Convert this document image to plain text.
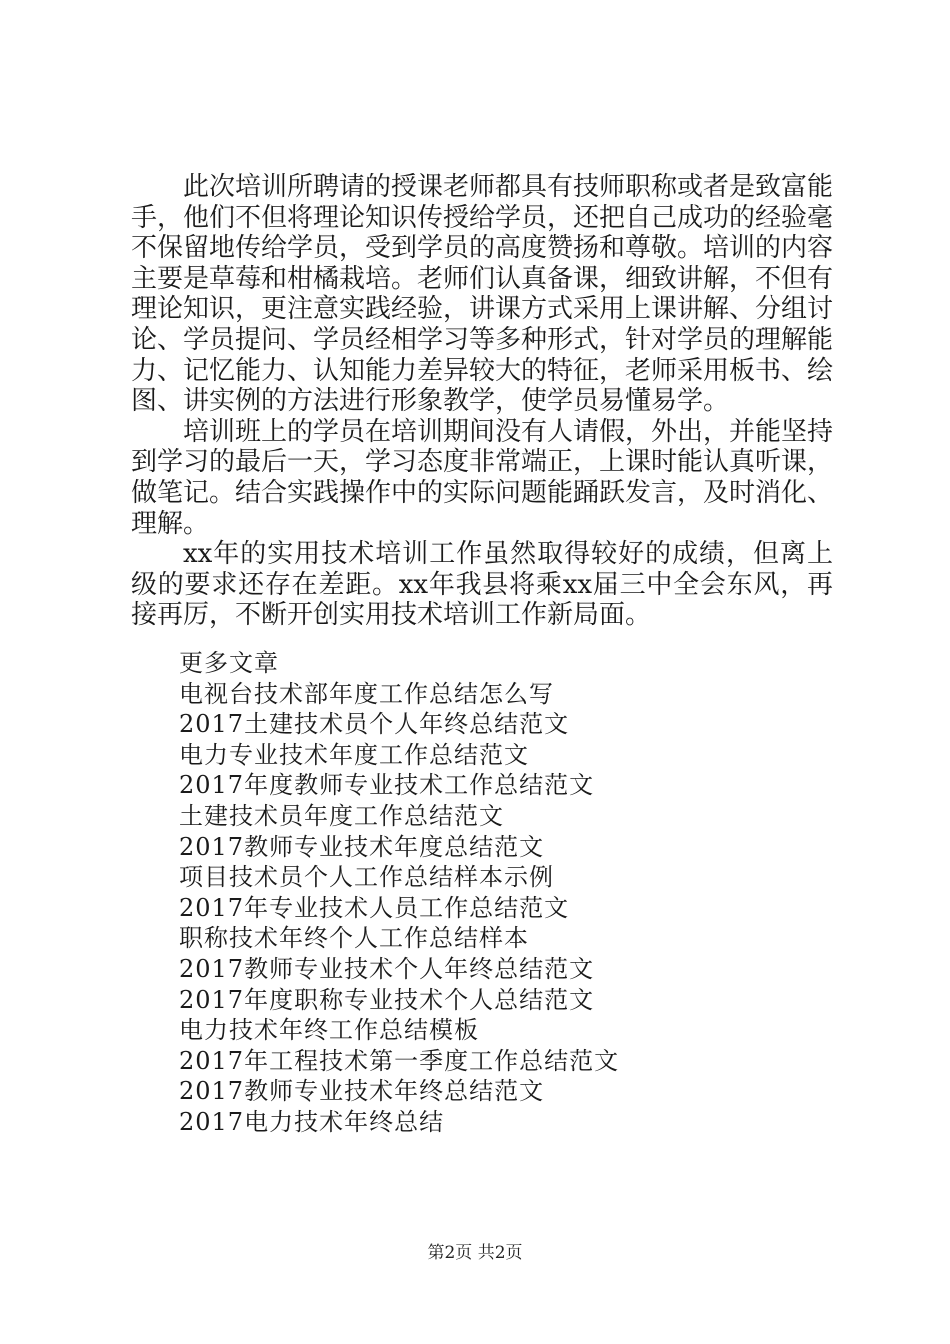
此次培训所聘请的授课老师都具有技师职称或者是致富能手，他们不但将理论知识传授给学员，还把自己成功的经验毫不保留地传给学员，受到学员的高度赞扬和尊敬。培训的内容主要是草莓和柑橘栽培。老师们认真备课，细致讲解，不但有理论知识，更注意实践经验，讲课方式采用上课讲解、分组讨论、学员提问、学员经相学习等多种形式，针对学员的理解能力、记忆能力、认知能力差异较大的特征，老师采用板书、绘图、讲实例的方法进行形象教学，使学员易懂易学。

培训班上的学员在培训期间没有人请假，外出，并能坚持到学习的最后一天，学习态度非常端正，上课时能认真听课，做笔记。结合实践操作中的实际问题能踊跃发言，及时消化、理解。

xx年的实用技术培训工作虽然取得较好的成绩，但离上级的要求还存在差距。xx年我县将乘xx届三中全会东风，再接再厉，不断开创实用技术培训工作新局面。

更多文章
电视台技术部年度工作总结怎么写
2017土建技术员个人年终总结范文
电力专业技术年度工作总结范文
2017年度教师专业技术工作总结范文
土建技术员年度工作总结范文
2017教师专业技术年度总结范文
项目技术员个人工作总结样本示例
2017年专业技术人员工作总结范文
职称技术年终个人工作总结样本
2017教师专业技术个人年终总结范文
2017年度职称专业技术个人总结范文
电力技术年终工作总结模板
2017年工程技术第一季度工作总结范文
2017教师专业技术年终总结范文
2017电力技术年终总结
第2页 共2页
